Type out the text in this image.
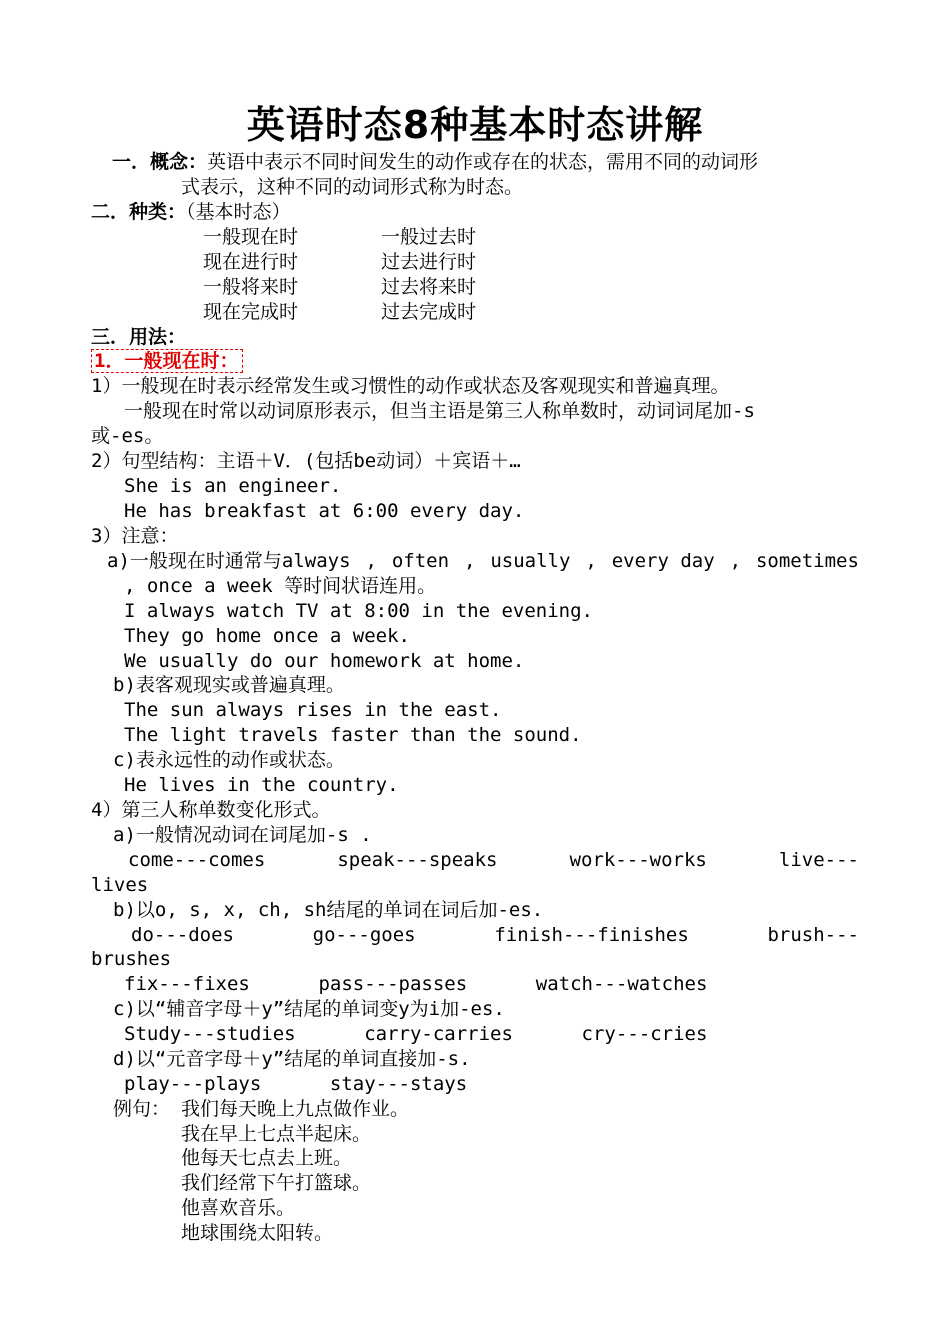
英语时态8种基本时态讲解
一．概念：英语中表示不同时间发生的动作或存在的状态，需用不同的动词形
式表示，这种不同的动词形式称为时态。
二．种类：（基本时态）
一般现在时	一般过去时
现在进行时	过去进行时
一般将来时	过去将来时
现在完成时	过去完成时
三．用法：
1．一般现在时：
1）一般现在时表示经常发生或习惯性的动作或状态及客观现实和普遍真理。
一般现在时常以动词原形表示，但当主语是第三人称单数时，动词词尾加-s
或-es。
2）句型结构：主语＋V．(包括be动词）＋宾语＋…
She is an engineer.
He has breakfast at 6:00 every day.
3）注意：
a)一般现在时通常与always , often , usually , every day , sometimes
, once a week 等时间状语连用。
I always watch TV at 8:00 in the evening.
They go home once a week.
We usually do our homework at home.
b)表客观现实或普遍真理。
The sun always rises in the east.
The light travels faster than the sound.
c)表永远性的动作或状态。
He lives in the country.
4）第三人称单数变化形式。
a)一般情况动词在词尾加-s .
come---comes	speak---speaks	work---works	live---
lives
b)以o, s, x, ch, sh结尾的单词在词后加-es.
do---does	go---goes	finish---finishes	brush---
brushes
fix---fixes      pass---passes      watch---watches
c)以“辅音字母＋y”结尾的单词变y为i加-es.
Study---studies      carry-carries      cry---cries
d)以“元音字母＋y”结尾的单词直接加-s.
play---plays      stay---stays
例句： 我们每天晚上九点做作业。
我在早上七点半起床。
他每天七点去上班。
我们经常下午打篮球。
他喜欢音乐。
地球围绕太阳转。
